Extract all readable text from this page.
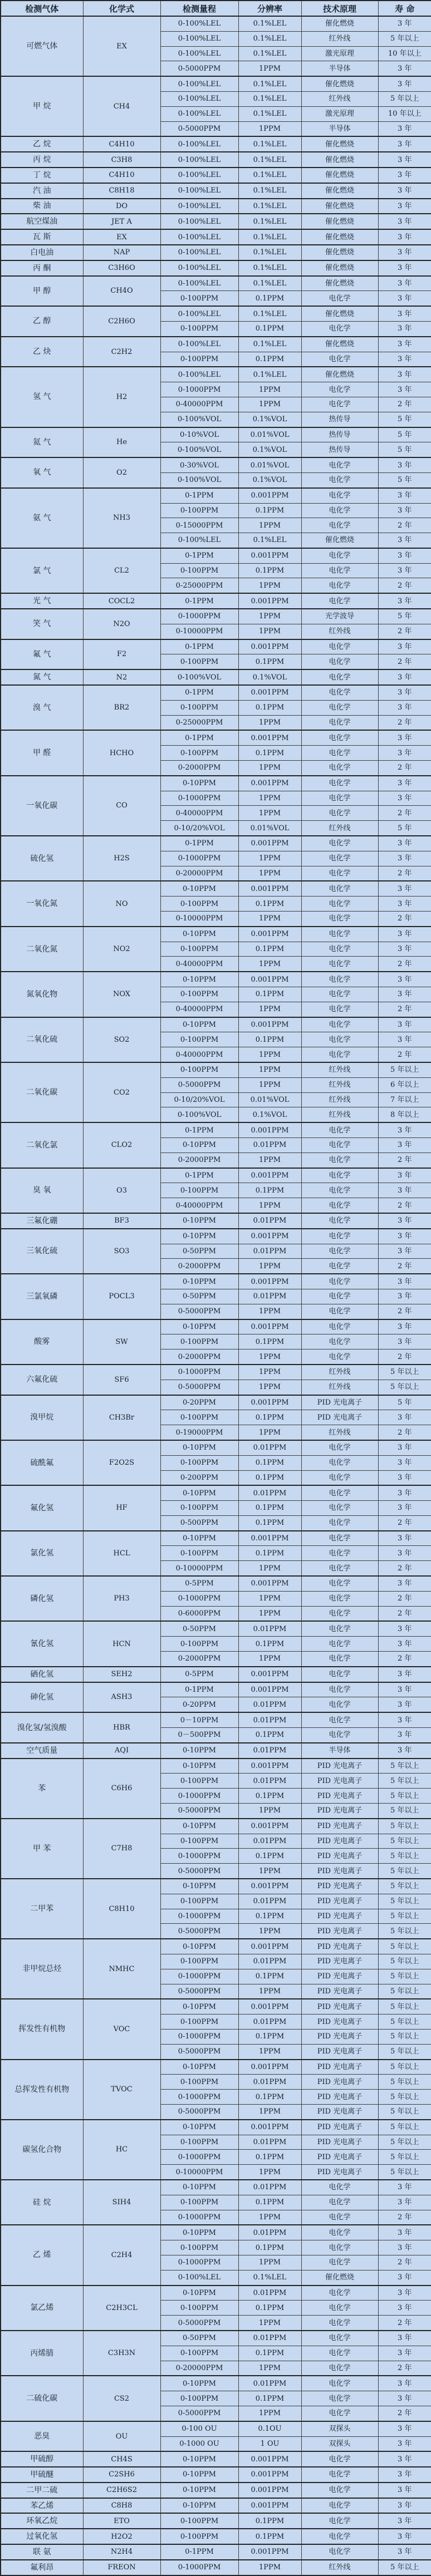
检测气体	化学式	检测量程	分辨率	技术原理	寿 命
可燃气体	EX	0-100%LEL	0.1%LEL	催化燃烧	3 年
		0-100%LEL	0.1%LEL	红外线	5 年以上
		0-100%LEL	0.1%LEL	激光原理	10 年以上
		0-5000PPM	1PPM	半导体	3 年
甲 烷	CH4	0-100%LEL	0.1%LEL	催化燃烧	3 年
		0-100%LEL	0.1%LEL	红外线	5 年以上
		0-100%LEL	0.1%LEL	激光原理	10 年以上
		0-5000PPM	1PPM	半导体	3 年
乙 烷	C4H10	0-100%LEL	0.1%LEL	催化燃烧	3 年
丙 烷	C3H8	0-100%LEL	0.1%LEL	催化燃烧	3 年
丁 烷	C4H10	0-100%LEL	0.1%LEL	催化燃烧	3 年
汽 油	C8H18	0-100%LEL	0.1%LEL	催化燃烧	3 年
柴 油	DO	0-100%LEL	0.1%LEL	催化燃烧	3 年
航空煤油	JET A	0-100%LEL	0.1%LEL	催化燃烧	3 年
瓦 斯	EX	0-100%LEL	0.1%LEL	催化燃烧	3 年
白电油	NAP	0-100%LEL	0.1%LEL	催化燃烧	3 年
丙 酮	C3H6O	0-100%LEL	0.1%LEL	催化燃烧	3 年
甲 醇	CH4O	0-100%LEL	0.1%LEL	催化燃烧	3 年
		0-100PPM	0.1PPM	电化学	3 年
乙 醇	C2H6O	0-100%LEL	0.1%LEL	催化燃烧	3 年
		0-100PPM	0.1PPM	电化学	3 年
乙 炔	C2H2	0-100%LEL	0.1%LEL	催化燃烧	3 年
		0-100PPM	0.1PPM	电化学	3 年
氢 气	H2	0-100%LEL	0.1%LEL	催化燃烧	3 年
		0-1000PPM	1PPM	电化学	3 年
		0-40000PPM	1PPM	电化学	2 年
		0-100%VOL	0.1%VOL	热传导	5 年
氦 气	He	0-10%VOL	0.01%VOL	热传导	5 年
		0-100%VOL	0.1%VOL	热传导	5 年
氧 气	O2	0-30%VOL	0.01%VOL	电化学	3 年
		0-100%VOL	0.1%VOL	电化学	5 年
氨 气	NH3	0-1PPM	0.001PPM	电化学	3 年
		0-100PPM	0.1PPM	电化学	3 年
		0-15000PPM	1PPM	电化学	2 年
		0-100%LEL	0.1%LEL	催化燃烧	3 年
氯 气	CL2	0-1PPM	0.001PPM	电化学	3 年
		0-100PPM	0.1PPM	电化学	3 年
		0-25000PPM	1PPM	电化学	2 年
光 气	COCL2	0-1PPM	0.001PPM	电化学	3 年
笑 气	N2O	0-1000PPM	1PPM	光学波导	5 年
		0-10000PPM	1PPM	红外线	2 年
氟 气	F2	0-1PPM	0.001PPM	电化学	3 年
		0-100PPM	0.1PPM	电化学	2 年
氮 气	N2	0-100%VOL	0.1%VOL	电化学	3 年
溴 气	BR2	0-1PPM	0.001PPM	电化学	3 年
		0-100PPM	0.1PPM	电化学	3 年
		0-25000PPM	1PPM	电化学	2 年
甲 醛	HCHO	0-1PPM	0.001PPM	电化学	3 年
		0-100PPM	0.1PPM	电化学	3 年
		0-2000PPM	1PPM	电化学	2 年
一氧化碳	CO	0-10PPM	0.001PPM	电化学	3 年
		0-1000PPM	1PPM	电化学	3 年
		0-40000PPM	1PPM	电化学	2 年
		0-10/20%VOL	0.01%VOL	红外线	5 年
硫化氢	H2S	0-1PPM	0.001PPM	电化学	3 年
		0-1000PPM	1PPM	电化学	3 年
		0-20000PPM	1PPM	电化学	2 年
一氧化氮	NO	0-10PPM	0.001PPM	电化学	3 年
		0-100PPM	0.1PPM	电化学	3 年
		0-10000PPM	1PPM	电化学	2 年
二氧化氮	NO2	0-10PPM	0.001PPM	电化学	3 年
		0-100PPM	0.1PPM	电化学	3 年
		0-40000PPM	1PPM	电化学	2 年
氮氧化物	NOX	0-10PPM	0.001PPM	电化学	3 年
		0-100PPM	0.1PPM	电化学	3 年
		0-40000PPM	1PPM	电化学	2 年
二氧化硫	SO2	0-10PPM	0.001PPM	电化学	3 年
		0-100PPM	0.1PPM	电化学	3 年
		0-40000PPM	1PPM	电化学	2 年
二氧化碳	CO2	0-100PPM	1PPM	红外线	5 年以上
		0-5000PPM	1PPM	红外线	6 年以上
		0-10/20%VOL	0.01%VOL	红外线	7 年以上
		0-100%VOL	0.1%VOL	红外线	8 年以上
二氧化氯	CLO2	0-1PPM	0.001PPM	电化学	3 年
		0-10PPM	0.01PPM	电化学	3 年
		0-2000PPM	1PPM	电化学	2 年
臭 氧	O3	0-1PPM	0.001PPM	电化学	3 年
		0-100PPM	0.1PPM	电化学	3 年
		0-40000PPM	1PPM	电化学	2 年
三氟化硼	BF3	0-10PPM	0.01PPM	电化学	3 年
三氧化硫	SO3	0-10PPM	0.001PPM	电化学	3 年
		0-50PPM	0.01PPM	电化学	3 年
		0-2000PPM	1PPM	电化学	2 年
三氯氧磷	POCL3	0-10PPM	0.001PPM	电化学	3 年
		0-50PPM	0.01PPM	电化学	3 年
		0-5000PPM	1PPM	电化学	2 年
酸雾	SW	0-10PPM	0.001PPM	电化学	3 年
		0-100PPM	0.1PPM	电化学	3 年
		0-2000PPM	1PPM	电化学	2 年
六氟化硫	SF6	0-1000PPM	1PPM	红外线	5 年以上
		0-5000PPM	1PPM	红外线	5 年以上
溴甲烷	CH3Br	0-20PPM	0.001PPM	PID 光电离子	5 年
		0-100PPM	0.1PPM	PID 光电离子	3 年
		0-19000PPM	1PPM	红外线	2 年
硫酰氟	F2O2S	0-10PPM	0.01PPM	电化学	3 年
		0-100PPM	0.1PPM	电化学	3 年
		0-200PPM	0.1PPM	电化学	3 年
氟化氢	HF	0-10PPM	0.01PPM	电化学	3 年
		0-100PPM	0.1PPM	电化学	3 年
		0-500PPM	0.1PPM	电化学	2 年
氯化氢	HCL	0-10PPM	0.001PPM	电化学	3 年
		0-100PPM	0.1PPM	电化学	3 年
		0-10000PPM	1PPM	电化学	2 年
磷化氢	PH3	0-5PPM	0.001PPM	电化学	3 年
		0-1000PPM	1PPM	电化学	2 年
		0-6000PPM	1PPM	电化学	2 年
氰化氢	HCN	0-50PPM	0.01PPM	电化学	3 年
		0-100PPM	0.1PPM	电化学	3 年
		0-2000PPM	1PPM	电化学	2 年
硒化氢	SEH2	0-5PPM	0.001PPM	电化学	3 年
砷化氢	ASH3	0-1PPM	0.001PPM	电化学	3 年
		0-20PPM	0.01PPM	电化学	3 年
溴化氢/氢溴酸	HBR	0－10PPM	0.01PPM	电化学	3 年
		0－500PPM	0.1PPM	电化学	3 年
空气质量	AQI	0-10PPM	0.01PPM	半导体	3 年
苯	C6H6	0-10PPM	0.001PPM	PID 光电离子	5 年以上
		0-100PPM	0.01PPM	PID 光电离子	5 年以上
		0-1000PPM	0.1PPM	PID 光电离子	5 年以上
		0-5000PPM	1PPM	PID 光电离子	5 年以上
甲 苯	C7H8	0-10PPM	0.001PPM	PID 光电离子	5 年以上
		0-100PPM	0.01PPM	PID 光电离子	5 年以上
		0-1000PPM	0.1PPM	PID 光电离子	5 年以上
		0-5000PPM	1PPM	PID 光电离子	5 年以上
二甲苯	C8H10	0-10PPM	0.001PPM	PID 光电离子	5 年以上
		0-100PPM	0.01PPM	PID 光电离子	5 年以上
		0-1000PPM	0.1PPM	PID 光电离子	5 年以上
		0-5000PPM	1PPM	PID 光电离子	5 年以上
非甲烷总烃	NMHC	0-10PPM	0.001PPM	PID 光电离子	5 年以上
		0-100PPM	0.01PPM	PID 光电离子	5 年以上
		0-1000PPM	0.1PPM	PID 光电离子	5 年以上
		0-5000PPM	1PPM	PID 光电离子	5 年以上
挥发性有机物	VOC	0-10PPM	0.001PPM	PID 光电离子	5 年以上
		0-100PPM	0.01PPM	PID 光电离子	5 年以上
		0-1000PPM	0.1PPM	PID 光电离子	5 年以上
		0-5000PPM	1PPM	PID 光电离子	5 年以上
总挥发性有机物	TVOC	0-10PPM	0.001PPM	PID 光电离子	5 年以上
		0-100PPM	0.01PPM	PID 光电离子	5 年以上
		0-1000PPM	0.1PPM	PID 光电离子	5 年以上
		0-5000PPM	1PPM	PID 光电离子	5 年以上
碳氢化合物	HC	0-10PPM	0.001PPM	PID 光电离子	5 年以上
		0-100PPM	0.01PPM	PID 光电离子	5 年以上
		0-1000PPM	0.1PPM	PID 光电离子	5 年以上
		0-10000PPM	1PPM	PID 光电离子	5 年以上
硅 烷	SIH4	0-10PPM	0.01PPM	电化学	3 年
		0-100PPM	0.1PPM	电化学	3 年
		0-1000PPM	1PPM	电化学	2 年
乙 烯	C2H4	0-10PPM	0.01PPM	电化学	3 年
		0-100PPM	0.1PPM	电化学	3 年
		0-1000PPM	1PPM	电化学	2 年
		0-100%LEL	0.1%LEL	催化燃烧	3 年
氯乙烯	C2H3CL	0-10PPM	0.01PPM	电化学	3 年
		0-100PPM	0.1PPM	电化学	3 年
		0-5000PPM	1PPM	电化学	2 年
丙烯腈	C3H3N	0-50PPM	0.01PPM	电化学	3 年
		0-100PPM	0.1PPM	电化学	3 年
		0-20000PPM	1PPM	电化学	2 年
二硫化碳	CS2	0-10PPM	0.01PPM	电化学	3 年
		0-100PPM	0.1PPM	电化学	3 年
		0-5000PPM	1PPM	电化学	2 年
恶臭	OU	0-100 OU	0.1OU	双探头	3 年
		0-1000 OU	1 OU	双探头	3 年
甲硫醇	CH4S	0-10PPM	0.001PPM	电化学	3 年
甲硫醚	C2SH6	0-10PPM	0.001PPM	电化学	3 年
二甲二硫	C2H6S2	0-10PPM	0.001PPM	电化学	3 年
苯乙烯	C8H8	0-10PPM	0.001PPM	电化学	3 年
环氧乙烷	ETO	0-100PPM	0.1PPM	电化学	3 年
过氧化氢	H2O2	0-100PPM	0.1PPM	电化学	3 年
联 氨	N2H4	0-1PPM	0.001PPM	电化学	3 年
氟利昂	FREON	0-1000PPM	1PPM	红外线	5 年以上
